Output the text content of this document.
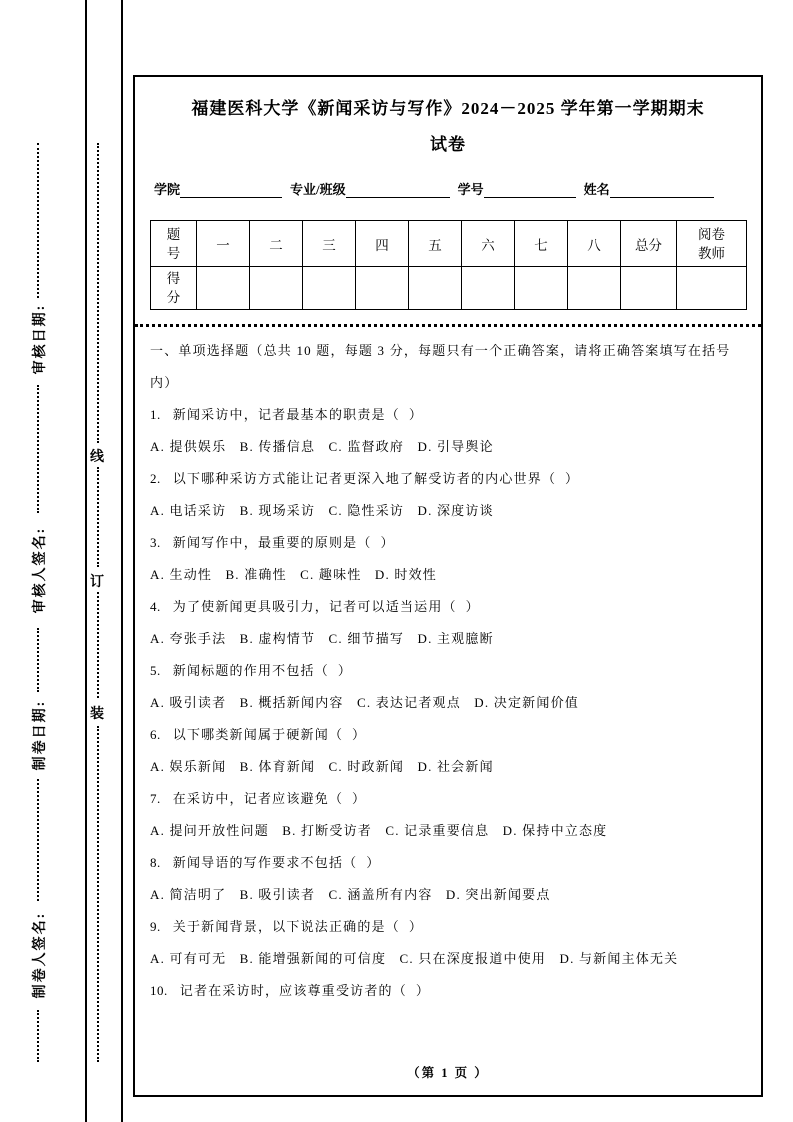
审核日期:
审核人签名:
制卷日期:
制卷人签名:
线
订
装
福建医科大学《新闻采访与写作》2024－2025 学年第一学期期末
试卷
学院	专业/班级	学号	姓名
题号	一	二	三	四	五	六	七	八	总分	阅卷教师
得分										
一、单项选择题（总共 10 题，每题 3 分，每题只有一个正确答案，请将正确答案填写在括号内）
1. 新闻采访中，记者最基本的职责是（  ）
A. 提供娱乐   B. 传播信息   C. 监督政府   D. 引导舆论
2. 以下哪种采访方式能让记者更深入地了解受访者的内心世界（  ）
A. 电话采访   B. 现场采访   C. 隐性采访   D. 深度访谈
3. 新闻写作中，最重要的原则是（  ）
A. 生动性   B. 准确性   C. 趣味性   D. 时效性
4. 为了使新闻更具吸引力，记者可以适当运用（  ）
A. 夸张手法   B. 虚构情节   C. 细节描写   D. 主观臆断
5. 新闻标题的作用不包括（  ）
A. 吸引读者   B. 概括新闻内容   C. 表达记者观点   D. 决定新闻价值
6. 以下哪类新闻属于硬新闻（  ）
A. 娱乐新闻   B. 体育新闻   C. 时政新闻   D. 社会新闻
7. 在采访中，记者应该避免（  ）
A. 提问开放性问题   B. 打断受访者   C. 记录重要信息   D. 保持中立态度
8. 新闻导语的写作要求不包括（  ）
A. 简洁明了   B. 吸引读者   C. 涵盖所有内容   D. 突出新闻要点
9. 关于新闻背景，以下说法正确的是（  ）
A. 可有可无   B. 能增强新闻的可信度   C. 只在深度报道中使用   D. 与新闻主体无关
10. 记者在采访时，应该尊重受访者的（  ）
（第 1 页 ）
